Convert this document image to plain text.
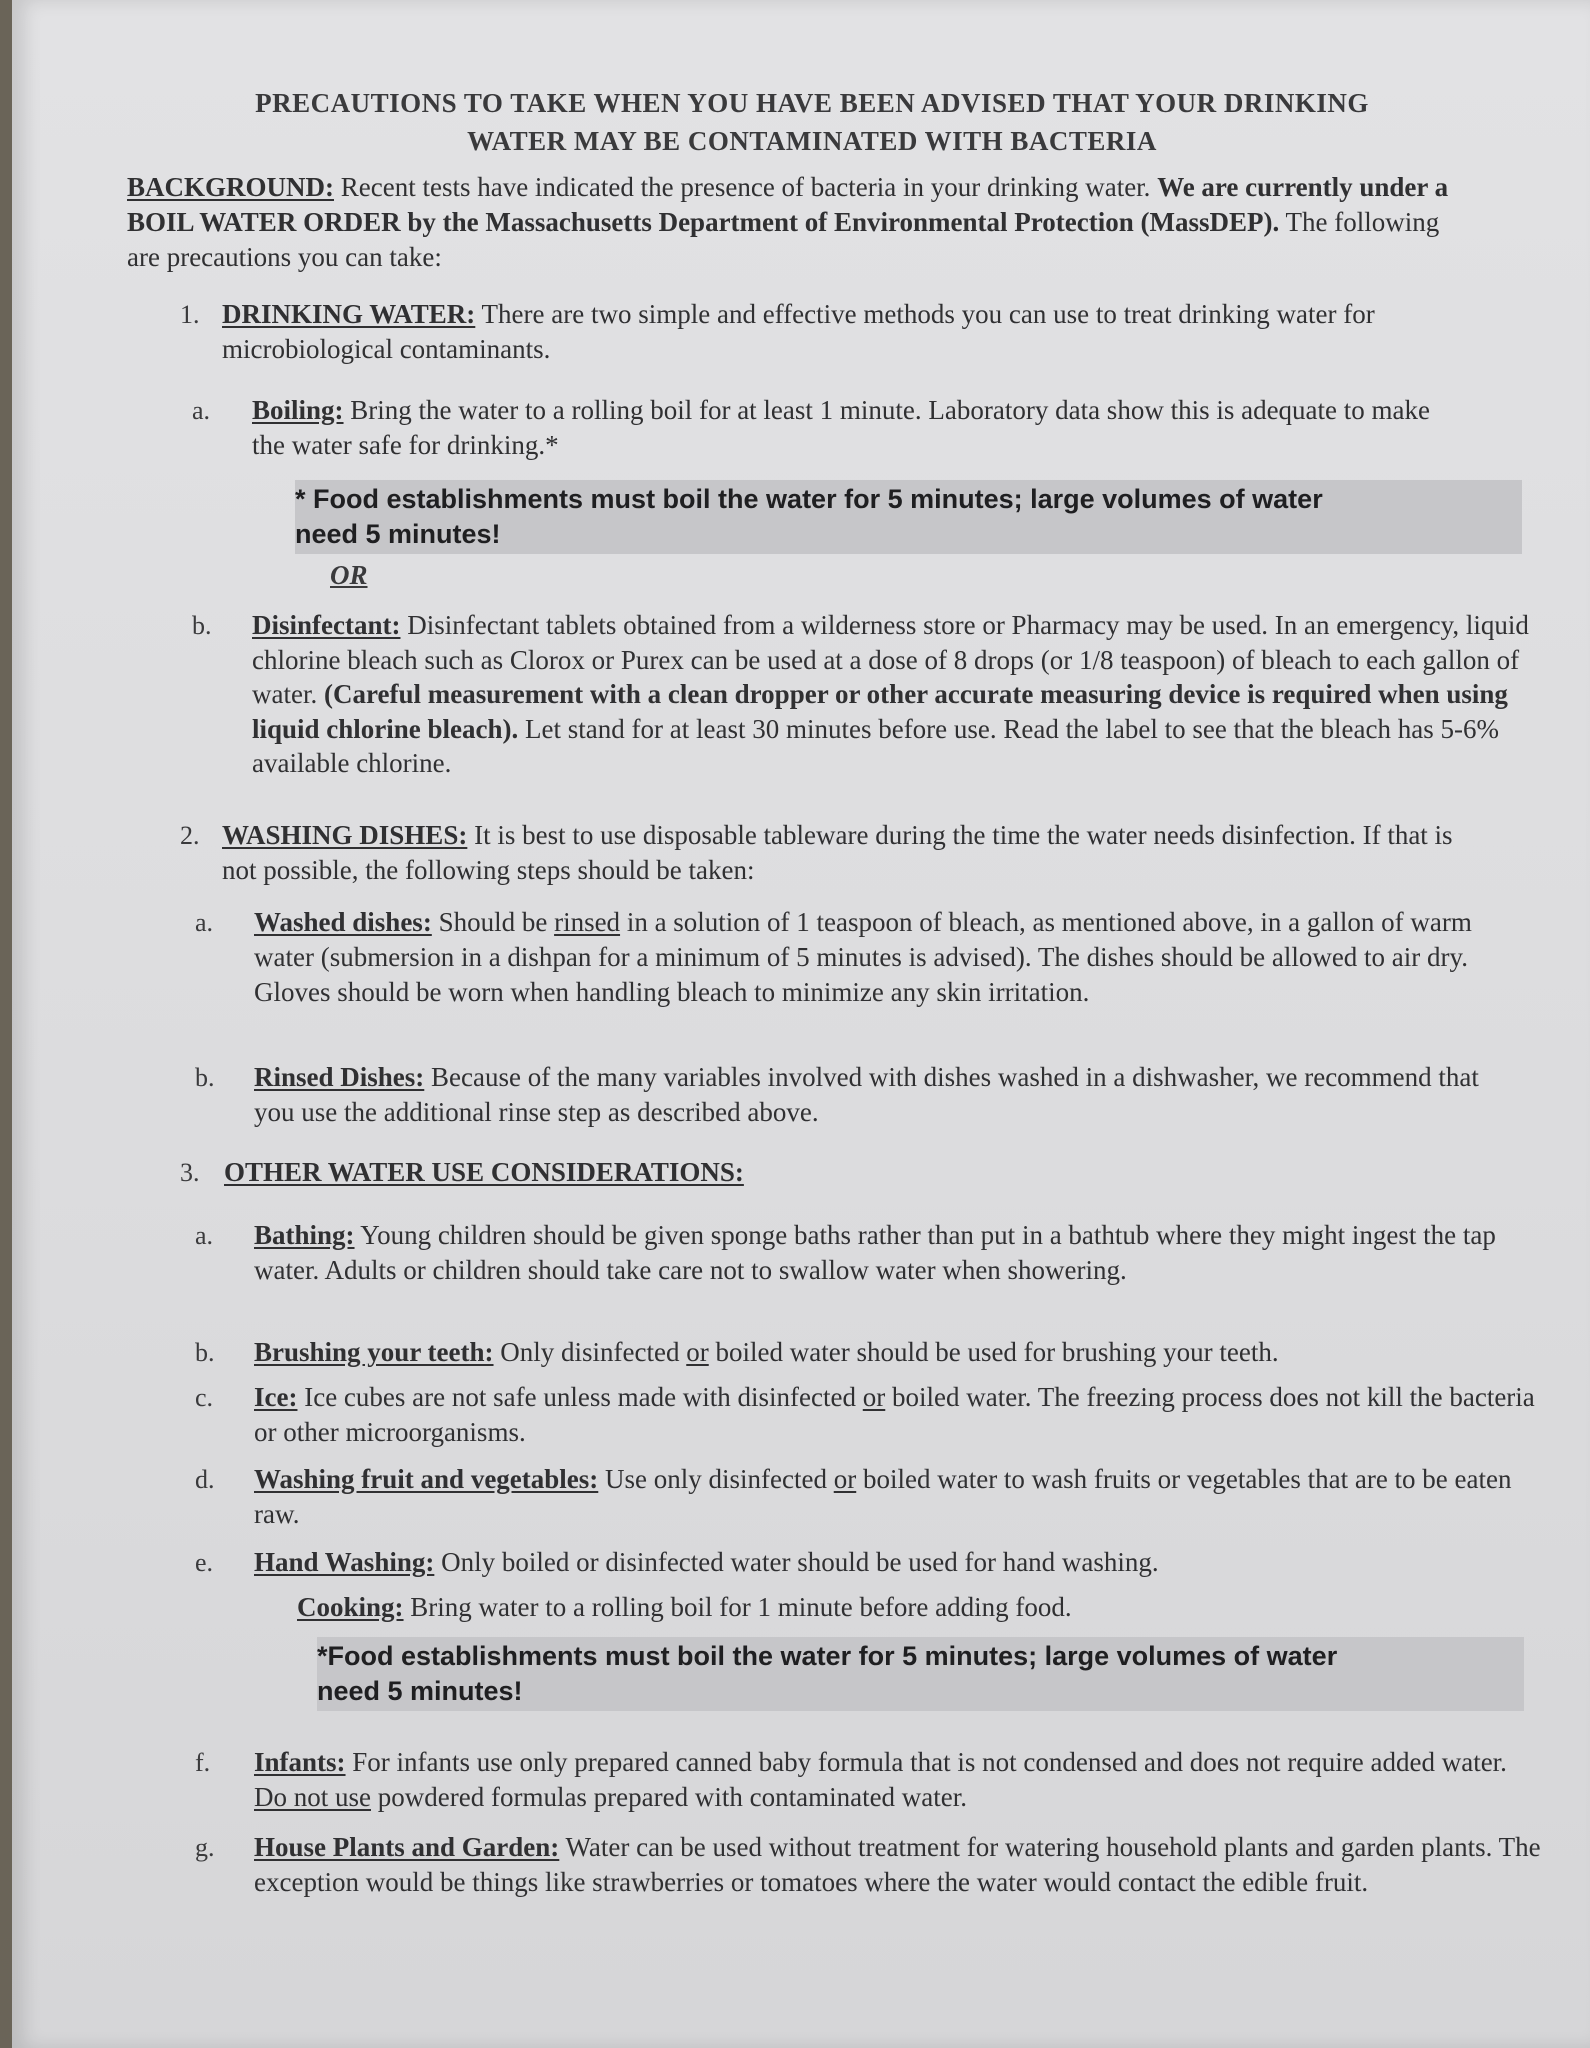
PRECAUTIONS TO TAKE WHEN YOU HAVE BEEN ADVISED THAT YOUR DRINKING
WATER MAY BE CONTAMINATED WITH BACTERIA
BACKGROUND: Recent tests have indicated the presence of bacteria in your drinking water. We are currently under a BOIL WATER ORDER by the Massachusetts Department of Environmental Protection (MassDEP). The following are precautions you can take:
1. DRINKING WATER: There are two simple and effective methods you can use to treat drinking water for microbiological contaminants.
a. Boiling: Bring the water to a rolling boil for at least 1 minute. Laboratory data show this is adequate to make the water safe for drinking.*
* Food establishments must boil the water for 5 minutes; large volumes of water
need 5 minutes!
OR
b. Disinfectant: Disinfectant tablets obtained from a wilderness store or Pharmacy may be used. In an emergency, liquid chlorine bleach such as Clorox or Purex can be used at a dose of 8 drops (or 1/8 teaspoon) of bleach to each gallon of water. (Careful measurement with a clean dropper or other accurate measuring device is required when using liquid chlorine bleach). Let stand for at least 30 minutes before use. Read the label to see that the bleach has 5-6% available chlorine.
2. WASHING DISHES: It is best to use disposable tableware during the time the water needs disinfection. If that is not possible, the following steps should be taken:
a. Washed dishes: Should be rinsed in a solution of 1 teaspoon of bleach, as mentioned above, in a gallon of warm water (submersion in a dishpan for a minimum of 5 minutes is advised). The dishes should be allowed to air dry. Gloves should be worn when handling bleach to minimize any skin irritation.
b. Rinsed Dishes: Because of the many variables involved with dishes washed in a dishwasher, we recommend that you use the additional rinse step as described above.
3. OTHER WATER USE CONSIDERATIONS:
a. Bathing: Young children should be given sponge baths rather than put in a bathtub where they might ingest the tap water. Adults or children should take care not to swallow water when showering.
b. Brushing your teeth: Only disinfected or boiled water should be used for brushing your teeth.
c. Ice: Ice cubes are not safe unless made with disinfected or boiled water. The freezing process does not kill the bacteria or other microorganisms.
d. Washing fruit and vegetables: Use only disinfected or boiled water to wash fruits or vegetables that are to be eaten raw.
e. Hand Washing: Only boiled or disinfected water should be used for hand washing.
Cooking: Bring water to a rolling boil for 1 minute before adding food.
*Food establishments must boil the water for 5 minutes; large volumes of water
need 5 minutes!
f. Infants: For infants use only prepared canned baby formula that is not condensed and does not require added water. Do not use powdered formulas prepared with contaminated water.
g. House Plants and Garden: Water can be used without treatment for watering household plants and garden plants. The exception would be things like strawberries or tomatoes where the water would contact the edible fruit.
